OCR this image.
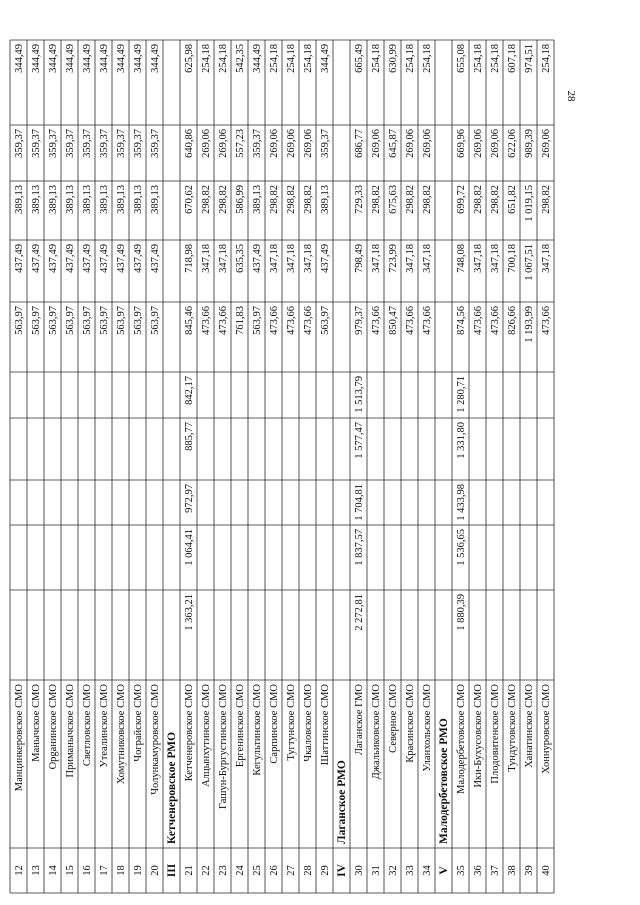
12
Манцинкеровское СМО
563,97
437,49
389,13
359,37
344,49
13
Манычское СМО
563,97
437,49
389,13
359,37
344,49
14
Орgaнинское СМО
563,97
437,49
389,13
359,37
344,49
15
Приманычское СМО
563,97
437,49
389,13
359,37
344,49
16
Светловское СМО
563,97
437,49
389,13
359,37
344,49
17
Утеaлинское СМО
563,97
437,49
389,13
359,37
344,49
18
Хомутниковское СМО
563,97
437,49
389,13
359,37
344,49
19
Чограйское СМО
563,97
437,49
389,13
359,37
344,49
20
Чолункамуровское СМО
563,97
437,49
389,13
359,37
344,49
III
Кетченеровское РМО
21
Кетченеровское СМО
1 363,21
1 064,41
972,97
885,77
842,17
845,46
718,98
670,62
640,86
625,98
22
Алцынхутинское СМО
473,66
347,18
298,82
269,06
254,18
23
Гашун-Бургустинское СМО
473,66
347,18
298,82
269,06
254,18
24
Ергенинское СМО
761,83
635,35
586,99
557,23
542,35
25
Кегультинское СМО
563,97
437,49
389,13
359,37
344,49
26
Сарпинское СМО
473,66
347,18
298,82
269,06
254,18
27
Тугтунское СМО
473,66
347,18
298,82
269,06
254,18
28
Чкаловское СМО
473,66
347,18
298,82
269,06
254,18
29
Шаттинское СМО
563,97
437,49
389,13
359,37
344,49
IV
Лаганское РМО
30
Лаганское ГМО
2 272,81
1 837,57
1 704,81
1 577,47
1 513,79
979,37
798,49
729,33
686,77
665,49
31
Джальиковское СМО
473,66
347,18
298,82
269,06
254,18
32
Северное СМО
850,47
723,99
675,63
645,87
630,99
33
Красинское СМО
473,66
347,18
298,82
269,06
254,18
34
Уланхольское СМО
473,66
347,18
298,82
269,06
254,18
V
Малодербетовское РМО
35
Малодербетовское СМО
1 880,39
1 536,65
1 433,98
1 331,80
1 280,71
874,56
748,08
699,72
669,96
655,08
36
Ики-Бухусовское СМО
473,66
347,18
298,82
269,06
254,18
37
Плодовитенское СМО
473,66
347,18
298,82
269,06
254,18
38
Тундутовское СМО
826,66
700,18
651,82
622,06
607,18
39
Ханатинское СМО
1 193,99
1 067,51
1 019,15
989,39
974,51
40
Хоннуровское СМО
473,66
347,18
298,82
269,06
254,18
28
